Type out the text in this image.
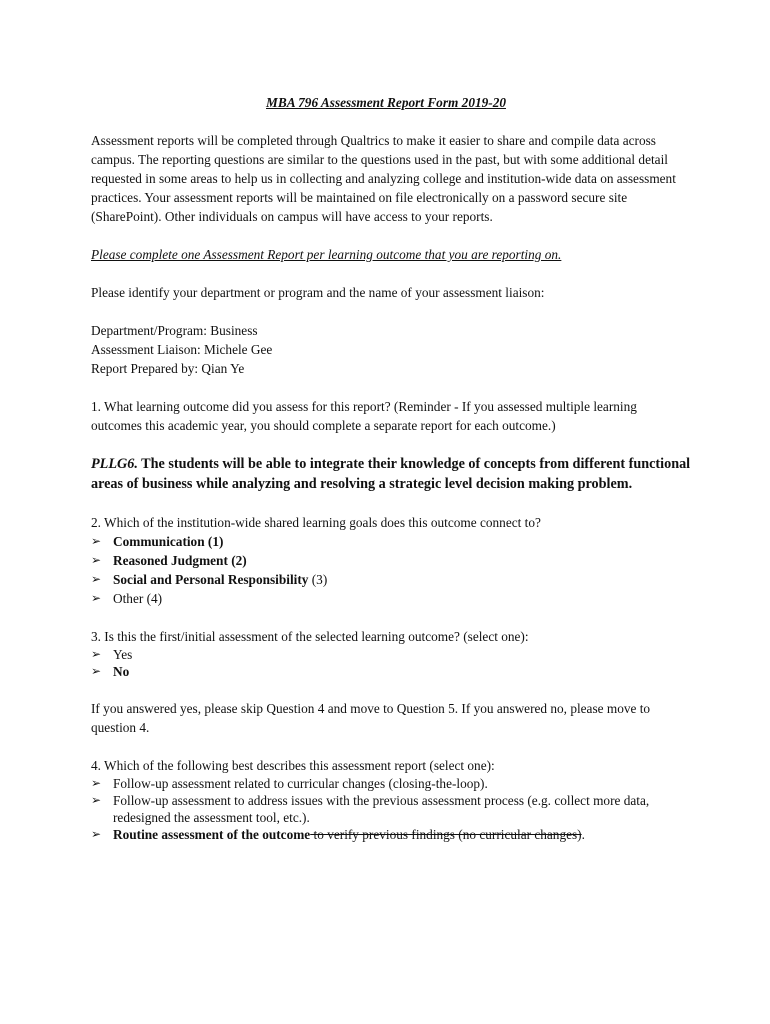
MBA 796 Assessment Report Form 2019-20

Assessment reports will be completed through Qualtrics to make it easier to share and compile data across campus. The reporting questions are similar to the questions used in the past, but with some additional detail requested in some areas to help us in collecting and analyzing college and institution-wide data on assessment practices. Your assessment reports will be maintained on file electronically on a password secure site (SharePoint). Other individuals on campus will have access to your reports.

Please complete one Assessment Report per learning outcome that you are reporting on.

Please identify your department or program and the name of your assessment liaison:

Department/Program: Business
Assessment Liaison: Michele Gee
Report Prepared by: Qian Ye

1. What learning outcome did you assess for this report? (Reminder - If you assessed multiple learning outcomes this academic year, you should complete a separate report for each outcome.)

PLLG6. The students will be able to integrate their knowledge of concepts from different functional areas of business while analyzing and resolving a strategic level decision making problem.

2. Which of the institution-wide shared learning goals does this outcome connect to?
➢ Communication (1)
➢ Reasoned Judgment (2)
➢ Social and Personal Responsibility (3)
➢ Other (4)
3. Is this the first/initial assessment of the selected learning outcome? (select one):
➢ Yes
➢ No

If you answered yes, please skip Question 4 and move to Question 5. If you answered no, please move to question 4.

4. Which of the following best describes this assessment report (select one):
➢ Follow-up assessment related to curricular changes (closing-the-loop).
➢ Follow-up assessment to address issues with the previous assessment process (e.g. collect more data, redesigned the assessment tool, etc.).
➢ Routine assessment of the outcome to verify previous findings (no curricular changes).
